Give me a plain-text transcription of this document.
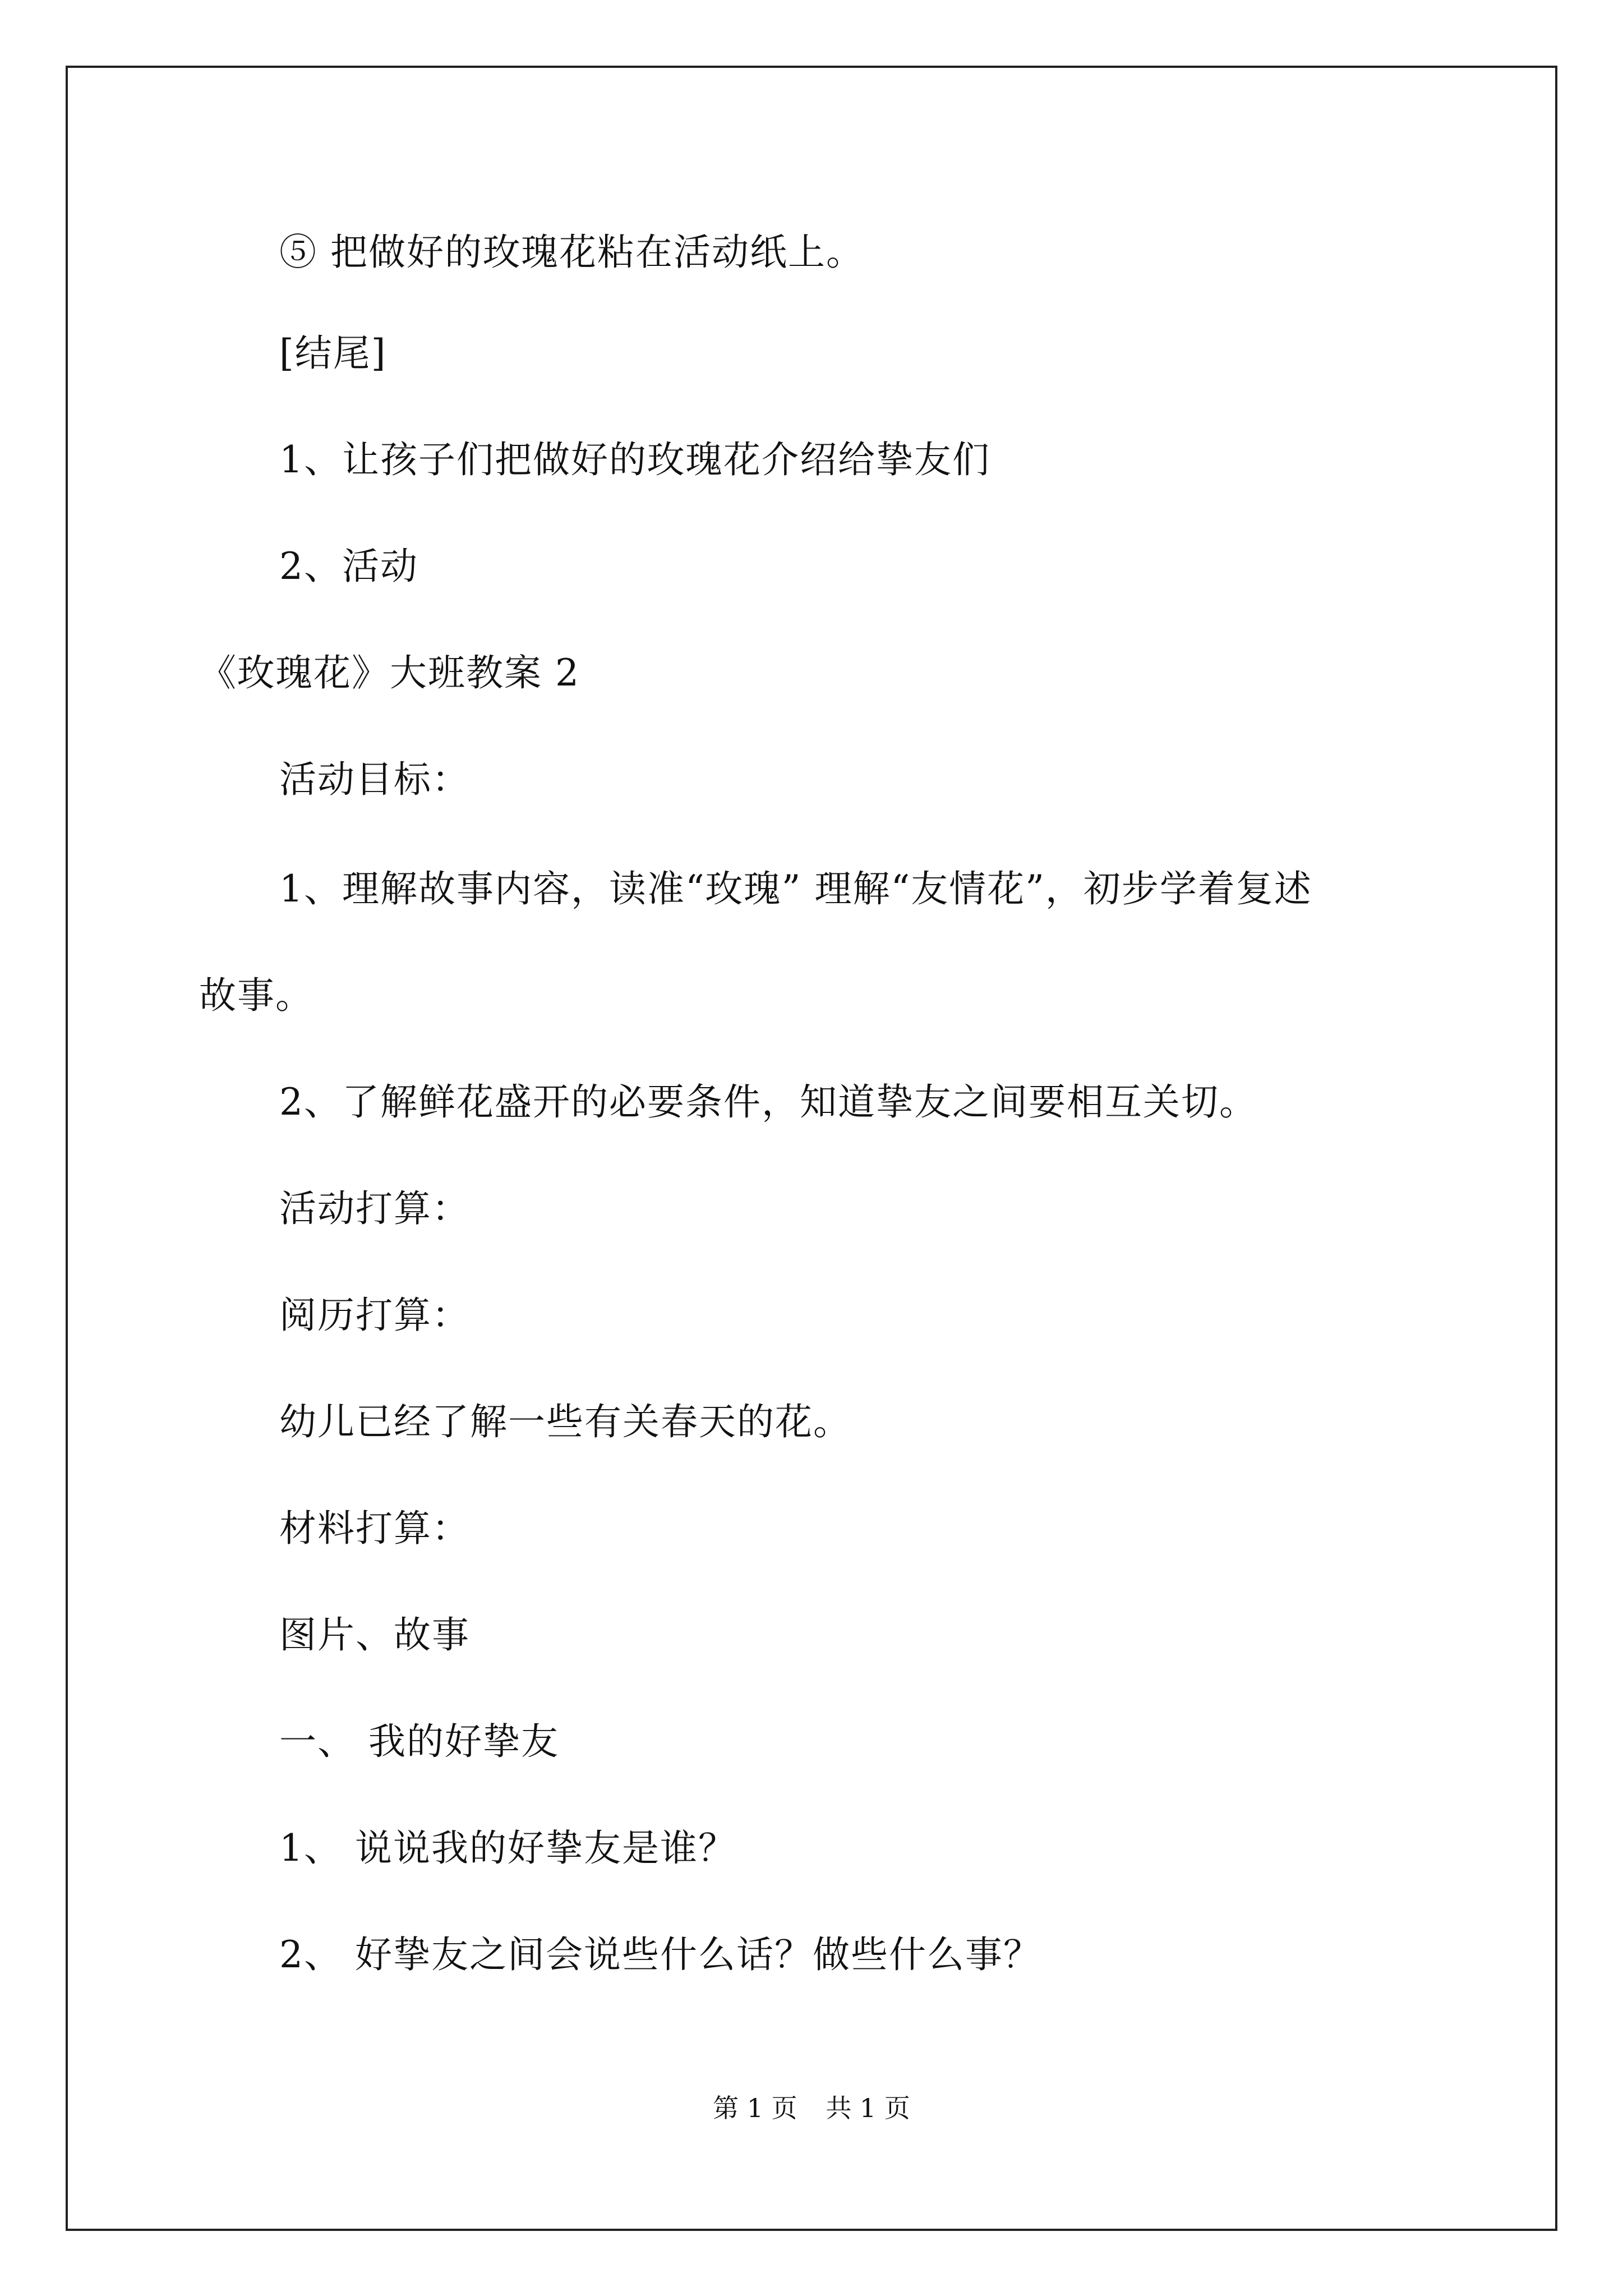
⑤ 把做好的玫瑰花粘在活动纸上。
[结尾]
1、让孩子们把做好的玫瑰花介绍给挚友们
2、活动
《玫瑰花》大班教案 2
活动目标：
1、理解故事内容，读准“玫瑰” 理解“友情花”，初步学着复述
故事。
2、了解鲜花盛开的必要条件，知道挚友之间要相互关切。
活动打算：
阅历打算：
幼儿已经了解一些有关春天的花。
材料打算：
图片、故事
一、 我的好挚友
1、 说说我的好挚友是谁？
2、 好挚友之间会说些什么话？做些什么事？
第 1 页 共 1 页
